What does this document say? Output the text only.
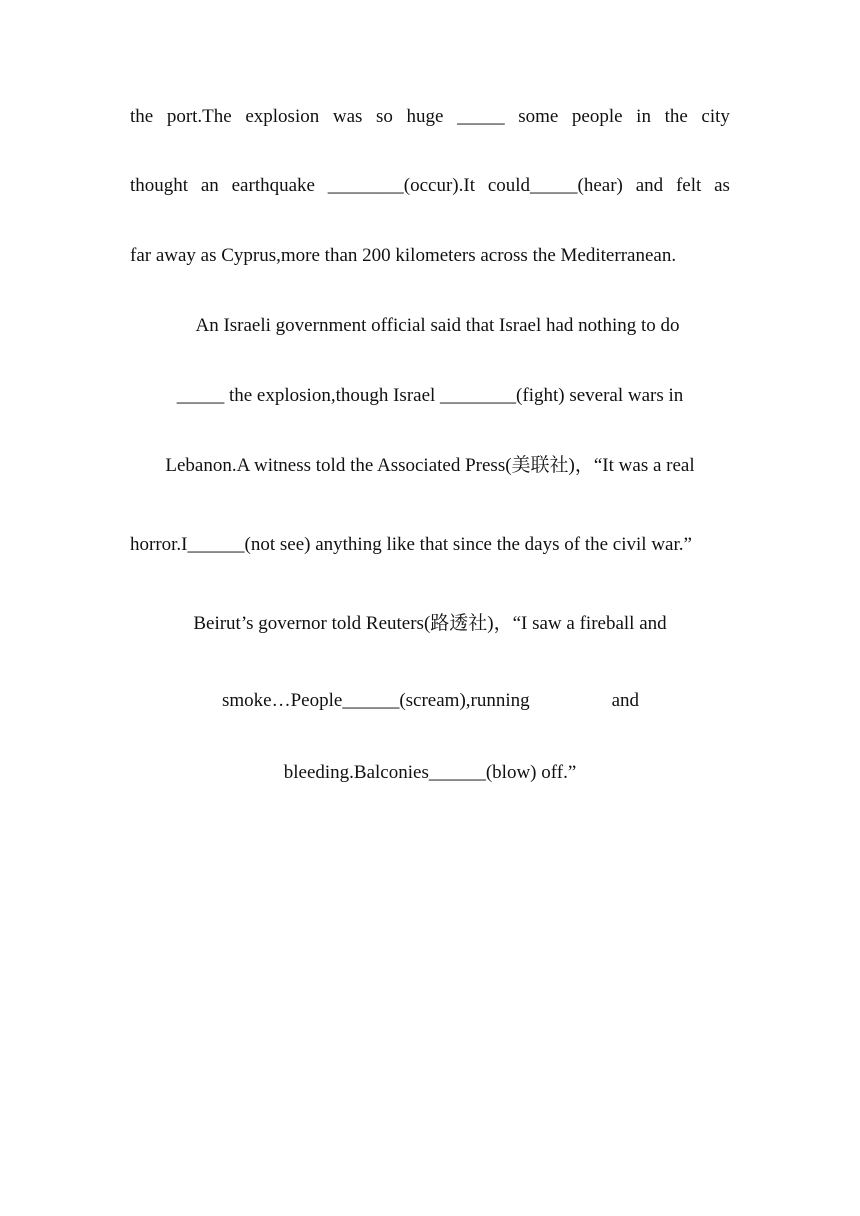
the port.The explosion was so huge _____ some people in the city
thought an earthquake ________(occur).It could_____(hear) and felt as
far away as Cyprus,more than 200 kilometers across the Mediterranean.
An Israeli government official said that Israel had nothing to do
_____ the explosion,though Israel ________(fight) several wars in
Lebanon.A witness told the Associated Press(美联社)，“It was a real
horror.I______(not see) anything like that since the days of the civil war.”
Beirut’s governor told Reuters(路透社)，“I saw a fireball and
smoke…People______(scream),running	and
bleeding.Balconies______(blow) off.”
